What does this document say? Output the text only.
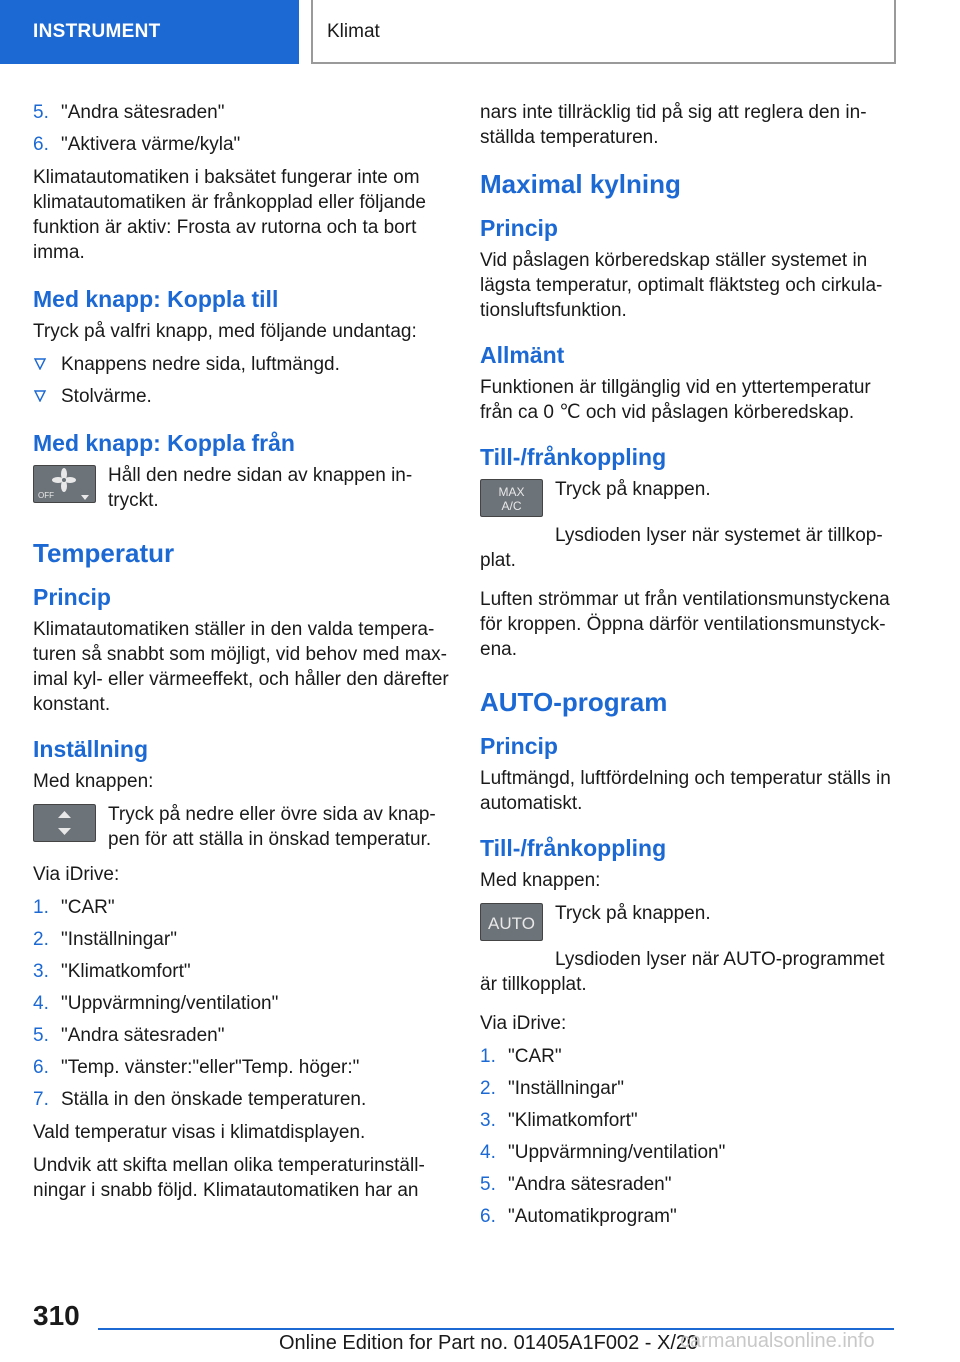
INSTRUMENT	Klimat
5. "Andra sätesraden"
6. "Aktivera värme/kyla"

Klimatautomatiken i baksätet fungerar inte om klimatautomatiken är frånkopplad eller följande funktion är aktiv: Frosta av rutorna och ta bort imma.

Med knapp: Koppla till

Tryck på valfri knapp, med följande undantag:

Knappens nedre sida, luftmängd.
Stolvärme.
Med knapp: Koppla från
OFF

Håll den nedre sidan av knappen intryckt.

Temperatur
Princip

Klimatautomatiken ställer in den valda temperaturen så snabbt som möjligt, vid behov med maximal kyl- eller värmeeffekt, och håller den därefter konstant.

Inställning

Med knappen:

Tryck på nedre eller övre sida av knappen för att ställa in önskad temperatur.

Via iDrive:

1. "CAR"
2. "Inställningar"
3. "Klimatkomfort"
4. "Uppvärmning/ventilation"
5. "Andra sätesraden"
6. "Temp. vänster:"eller"Temp. höger:"
7. Ställa in den önskade temperaturen.

Vald temperatur visas i klimatdisplayen.

Undvik att skifta mellan olika temperaturinställningar i snabb följd. Klimatautomatiken har an

nars inte tillräcklig tid på sig att reglera den inställda temperaturen.

Maximal kylning
Princip

Vid påslagen körberedskap ställer systemet in lägsta temperatur, optimalt fläktsteg och cirkulationsluftsfunktion.

Allmänt

Funktionen är tillgänglig vid en yttertemperatur från ca 0 ℃ och vid påslagen körberedskap.

Till-/frånkoppling
MAX
A/C

Tryck på knappen.

Lysdioden lyser när systemet är tillkopplat.

Luften strömmar ut från ventilationsmunstyckena för kroppen. Öppna därför ventilationsmunstyckena.

AUTO-program
Princip

Luftmängd, luftfördelning och temperatur ställs in automatiskt.

Till-/frånkoppling

Med knappen:

AUTO Tryck på knappen.

Lysdioden lyser när AUTO-programmet är tillkopplat.

Via iDrive:

1. "CAR"
2. "Inställningar"
3. "Klimatkomfort"
4. "Uppvärmning/ventilation"
5. "Andra sätesraden"
6. "Automatikprogram"
310
Online Edition for Part no. 01405A1F002 - X/20
carmanualsonline.info
